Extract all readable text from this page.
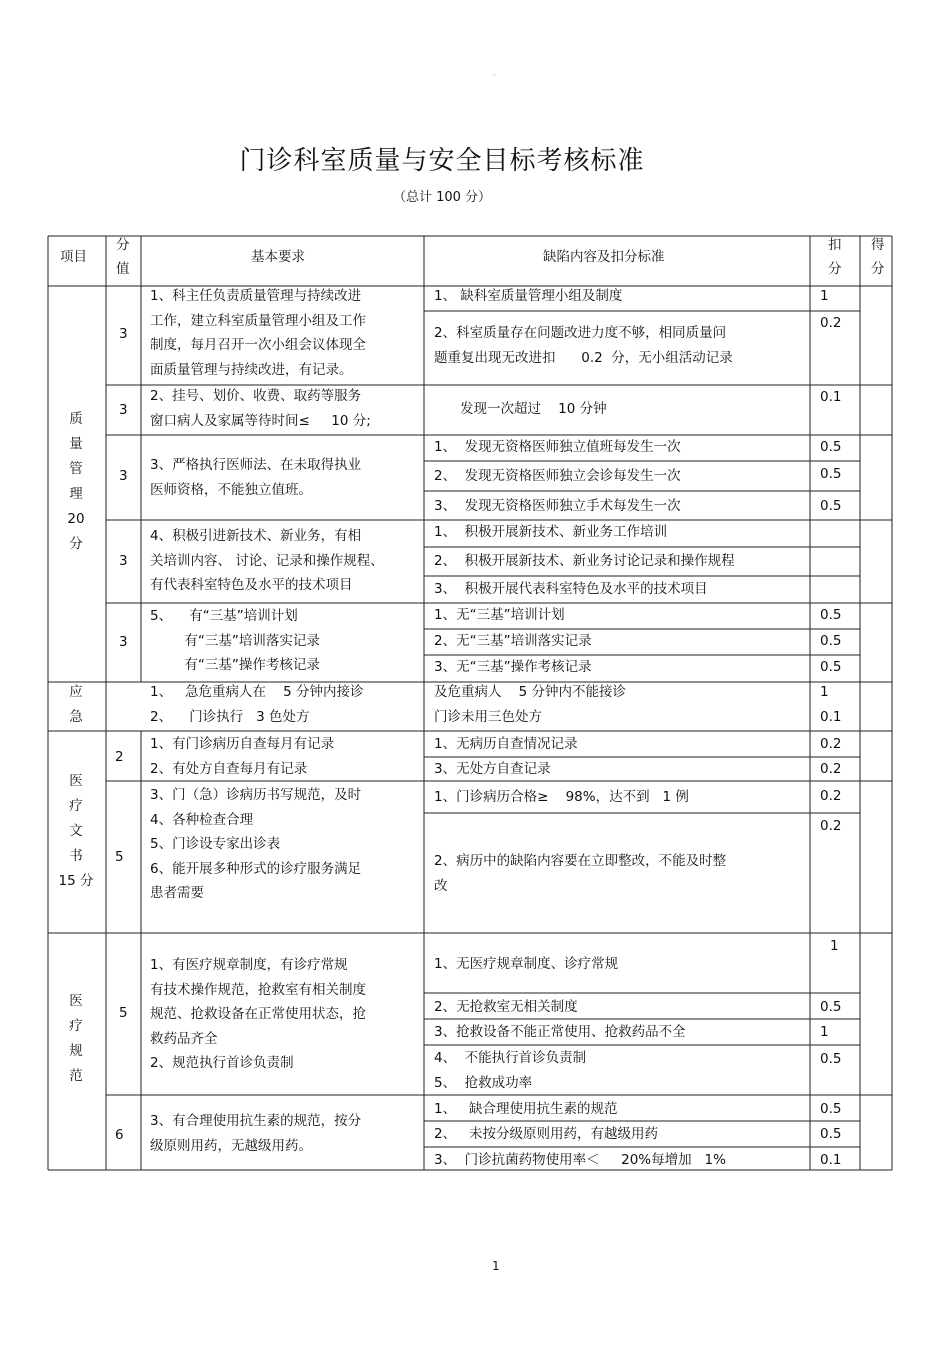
。
门诊科室质量与安全目标考核标准
（总计 100 分）
项目
分
值
基本要求	缺陷内容及扣分标准
扣
分
得
分
质
量
管
理
20
分
应
急
医
疗
文
书
15 分
医
疗
规
范
3
3
3
3
3
2
5
5
6
1、科主任负责质量管理与持续改进
工作，建立科室质量管理小组及工作
制度，每月召开一次小组会议体现全
面质量管理与持续改进，有记录。
2、挂号、划价、收费、取药等服务
窗口病人及家属等待时间≤     10 分;
3、严格执行医师法、在未取得执业
医师资格，不能独立值班。
4、积极引进新技术、新业务，有相
关培训内容、 讨论、记录和操作规程、
有代表科室特色及水平的技术项目
5、    有“三基”培训计划
有“三基”培训落实记录
有“三基”操作考核记录
1、   急危重病人在    5 分钟内接诊
2、    门诊执行   3 色处方
1、有门诊病历自查每月有记录
2、有处方自查每月有记录
3、门（急）诊病历书写规范，及时
4、各种检查合理
5、门诊设专家出诊表
6、能开展多种形式的诊疗服务满足
患者需要
1、有医疗规章制度，有诊疗常规
有技术操作规范，抢救室有相关制度
规范、抢救设备在正常使用状态，抢
救药品齐全
2、规范执行首诊负责制
3、有合理使用抗生素的规范，按分
级原则用药，无越级用药。
1、 缺科室质量管理小组及制度
2、科室质量存在问题改进力度不够，相同质量问
题重复出现无改进扣      0.2  分，无小组活动记录
发现一次超过    10 分钟
1、  发现无资格医师独立值班每发生一次
2、  发现无资格医师独立会诊每发生一次
3、  发现无资格医师独立手术每发生一次
1、  积极开展新技术、新业务工作培训
2、  积极开展新技术、新业务讨论记录和操作规程
3、  积极开展代表科室特色及水平的技术项目
1、无“三基”培训计划
2、无“三基”培训落实记录
3、无“三基”操作考核记录
及危重病人    5 分钟内不能接诊
门诊未用三色处方
1、无病历自查情况记录
3、无处方自查记录
1、门诊病历合格≥    98%，达不到   1 例
2、病历中的缺陷内容要在立即整改，不能及时整
改
1、无医疗规章制度、诊疗常规
2、无抢救室无相关制度
3、抢救设备不能正常使用、抢救药品不全
4、  不能执行首诊负责制
5、  抢救成功率
1、   缺合理使用抗生素的规范
2、   未按分级原则用药，有越级用药
3、  门诊抗菌药物使用率＜     20%每增加   1%
1
0.2
0.1
0.5
0.5
0.5
0.5
0.5
0.5
1
0.1
0.2
0.2
0.2
0.2
1
0.5
1
0.5
0.5
0.5
0.1
1
